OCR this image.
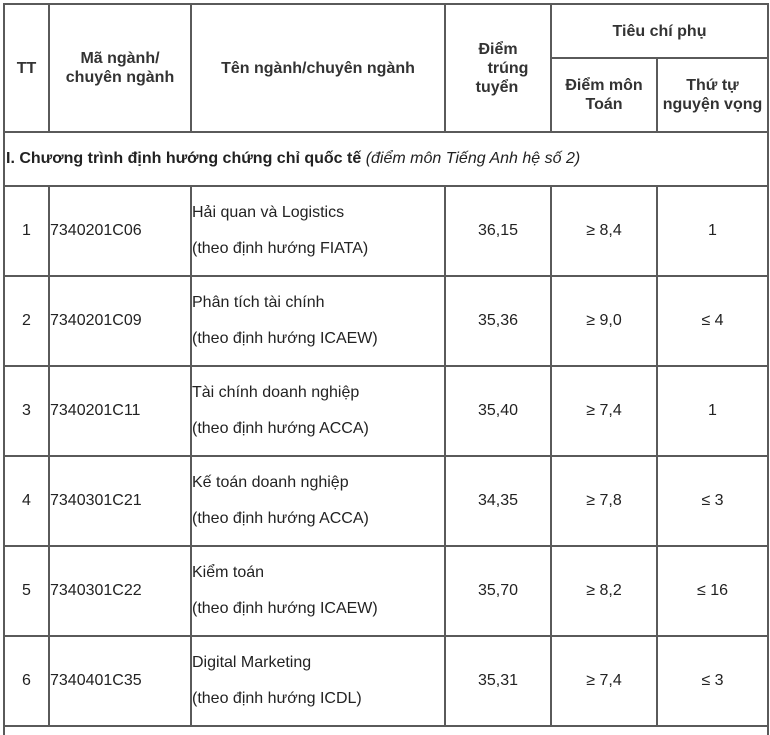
TT	Mã ngành/
chuyên ngành	Tên ngành/chuyên ngành	Điểm
trúng
tuyển	Tiêu chí phụ	

				Điểm môn
Toán	Thứ tự
nguyện vọng

I. Chương trình định hướng chứng chỉ quốc tế (điểm môn Tiếng Anh hệ số 2)					
1	7340201C06	Hải quan và Logistics
(theo định hướng FIATA)	36,15	≥ 8,4	1
2	7340201C09	Phân tích tài chính
(theo định hướng ICAEW)	35,36	≥ 9,0	≤ 4
3	7340201C11	Tài chính doanh nghiệp
(theo định hướng ACCA)	35,40	≥ 7,4	1
4	7340301C21	Kế toán doanh nghiệp
(theo định hướng ACCA)	34,35	≥ 7,8	≤ 3
5	7340301C22	Kiểm toán
(theo định hướng ICAEW)	35,70	≥ 8,2	≤ 16
6	7340401C35	Digital Marketing
(theo định hướng ICDL)	35,31	≥ 7,4	≤ 3
